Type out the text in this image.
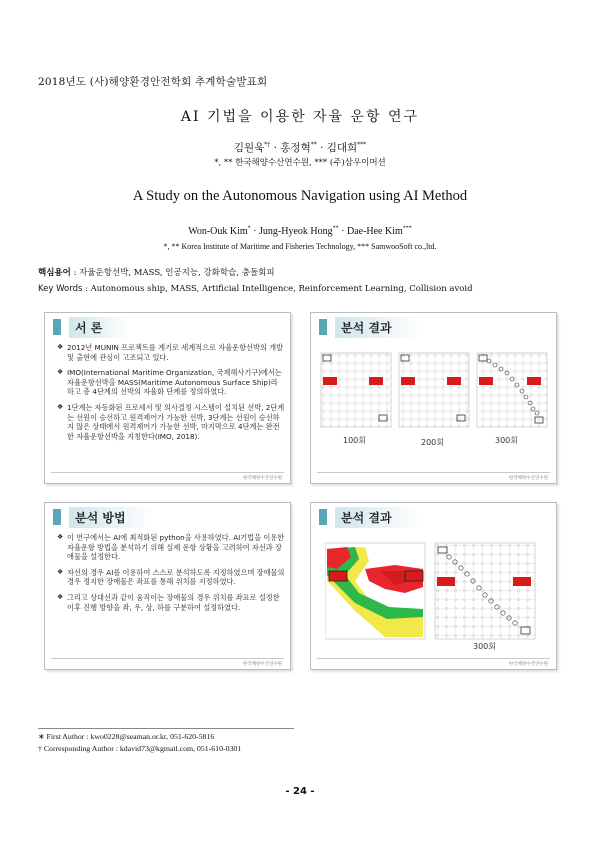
2018년도 (사)해양환경안전학회 추계학술발표회
AI 기법을 이용한 자율 운항 연구
김원욱*† · 홍정혁** · 김대희***
*, ** 한국해양수산연수원, *** (주)삼우이머션
A Study on the Autonomous Navigation using AI Method
Won-Ouk Kim* · Jung-Hyeok Hong** · Dae-Hee Kim***
*, ** Korea Institute of Maritime and Fisheries Technology, *** SamwooSoft co.,ltd.
핵심용어 : 자율운항선박, MASS, 인공지능, 강화학습, 충돌회피
Key Words : Autonomous ship, MASS, Artificial Intelligence, Reinforcement Learning, Collision avoid
서 론
❖ 2012년 MUNIN 프로젝트를 계기로 세계적으로 자율운항선박의 개발 및 출현에 관심이 고조되고 있다.
❖ IMO(International Maritime Organization, 국제해사기구)에서는 자율운항선박을 MASS(Maritime Autonomous Surface Ship)라 하고 총 4단계의 선박의 자율화 단계를 정의하였다.
❖ 1단계는 자동화된 프로세서 및 의사결정 시스템이 설치된 선박, 2단계는 선원이 승선하고 원격제어가 가능한 선박, 3단계는 선원이 승선하지 않은 상태에서 원격제어가 가능한 선박, 마지막으로 4단계는 완전한 자율운항선박을 지칭한다(IMO, 2018).
한국해양수산연수원
분석 결과
100회	200회	300회
한국해양수산연수원
분석 방법
❖ 이 연구에서는 AI에 최적화된 python을 사용하였다. AI기법을 이용한 자율운항 방법을 분석하기 위해 실제 운항 상황을 고려하여 자선과 장애물을 설정한다.
❖ 자선의 경우 AI를 이용하여 스스로 분석하도록 지정하였으며 장애물의 경우 정지한 장애물은 좌표를 통해 위치를 지정하였다.
❖ 그리고 상대선과 같이 움직이는 장애물의 경우 위치를 좌표로 설정한 이후 진행 방향을 좌, 우, 상, 하를 구분하여 설정하였다.
한국해양수산연수원
분석 결과
300회
한국해양수산연수원
∗ First Author : kwo0228@seaman.or.kr, 051-620-5816
† Corresponding Author : kdavid73@kgmail.com, 051-610-0301
- 24 -
